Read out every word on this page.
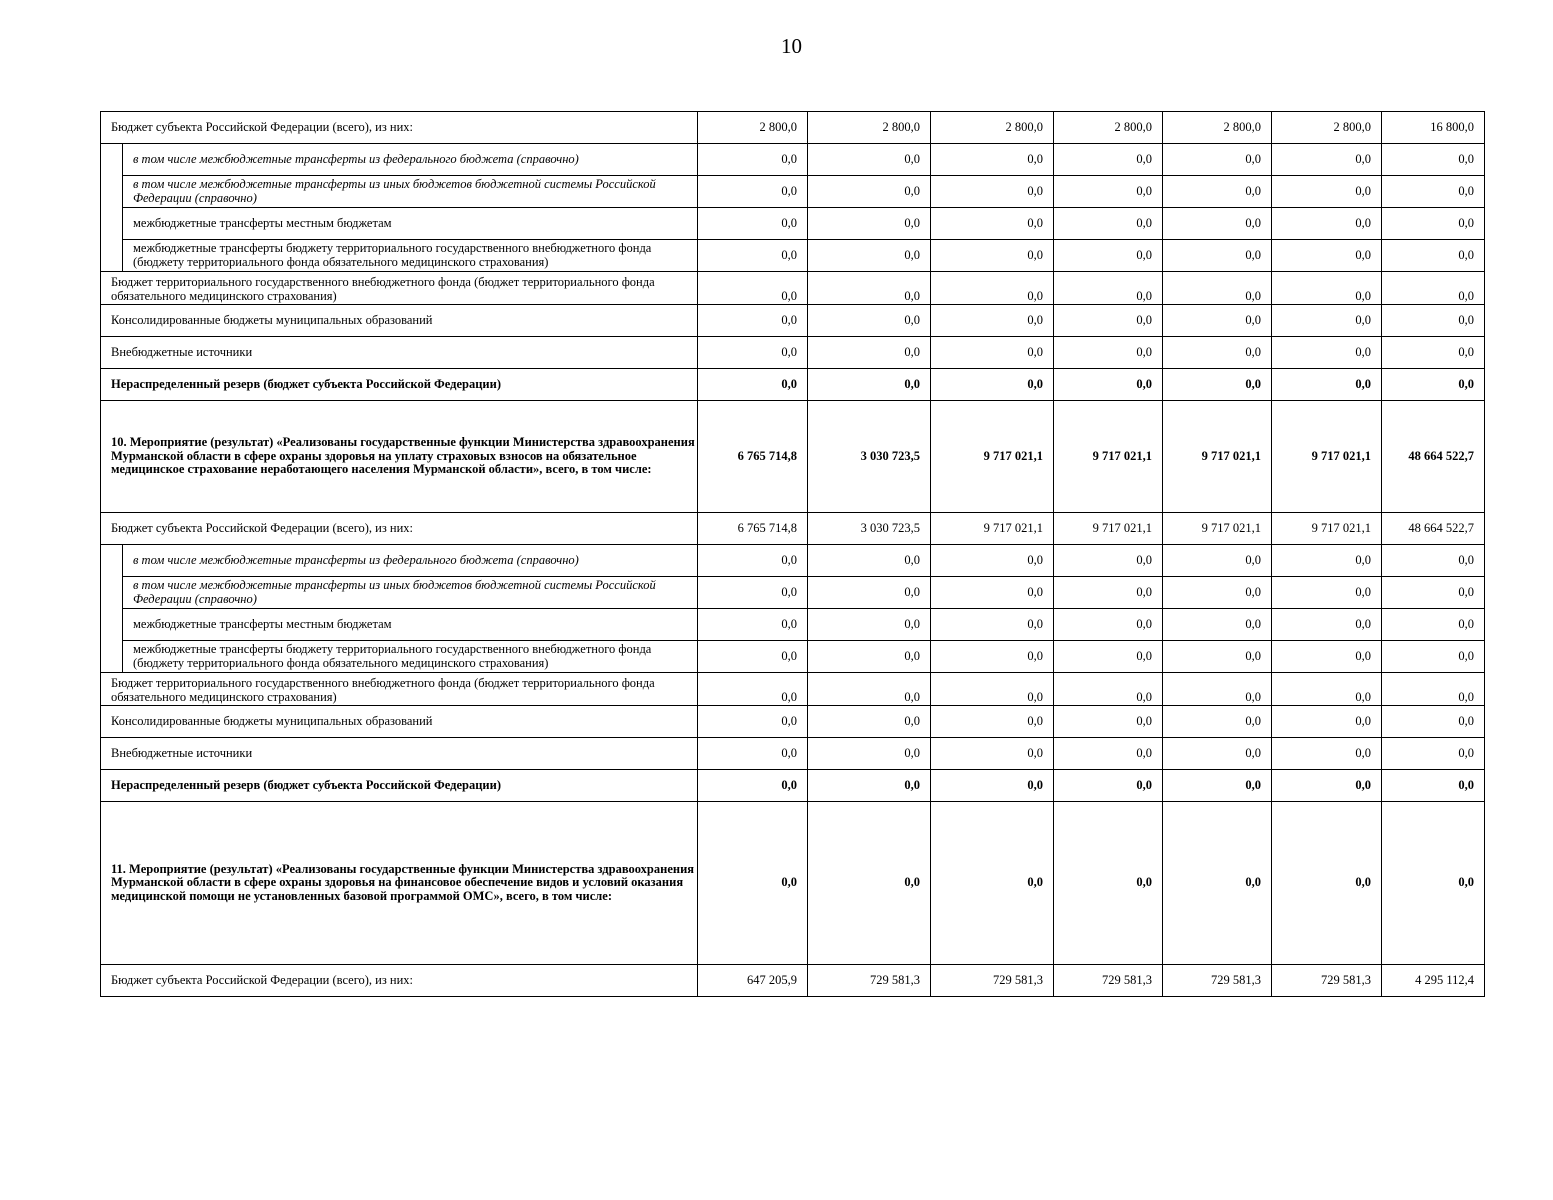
10
Бюджет субъекта Российской Федерации (всего), из них:		2 800,0	2 800,0	2 800,0	2 800,0	2 800,0	2 800,0	16 800,0
	в том числе межбюджетные трансферты из федерального бюджета (справочно)	0,0	0,0	0,0	0,0	0,0	0,0	0,0
	в том числе межбюджетные трансферты из иных бюджетов бюджетной системы Российской Федерации (справочно)	0,0	0,0	0,0	0,0	0,0	0,0	0,0
	межбюджетные трансферты местным бюджетам	0,0	0,0	0,0	0,0	0,0	0,0	0,0
	межбюджетные трансферты бюджету территориального государственного внебюджетного фонда (бюджету территориального фонда обязательного медицинского страхования)	0,0	0,0	0,0	0,0	0,0	0,0	0,0
Бюджет территориального государственного внебюджетного фонда (бюджет территориального фонда обязательного медицинского страхования)		0,0	0,0	0,0	0,0	0,0	0,0	0,0
Консолидированные бюджеты муниципальных образований		0,0	0,0	0,0	0,0	0,0	0,0	0,0
Внебюджетные источники		0,0	0,0	0,0	0,0	0,0	0,0	0,0
Нераспределенный резерв (бюджет субъекта Российской Федерации)		0,0	0,0	0,0	0,0	0,0	0,0	0,0
10. Мероприятие (результат) «Реализованы государственные функции Министерства здравоохранения Мурманской области в сфере охраны здоровья на уплату страховых взносов на обязательное медицинское страхование неработающего населения Мурманской области», всего, в том числе:		6 765 714,8	3 030 723,5	9 717 021,1	9 717 021,1	9 717 021,1	9 717 021,1	48 664 522,7
Бюджет субъекта Российской Федерации (всего), из них:		6 765 714,8	3 030 723,5	9 717 021,1	9 717 021,1	9 717 021,1	9 717 021,1	48 664 522,7
	в том числе межбюджетные трансферты из федерального бюджета (справочно)	0,0	0,0	0,0	0,0	0,0	0,0	0,0
	в том числе межбюджетные трансферты из иных бюджетов бюджетной системы Российской Федерации (справочно)	0,0	0,0	0,0	0,0	0,0	0,0	0,0
	межбюджетные трансферты местным бюджетам	0,0	0,0	0,0	0,0	0,0	0,0	0,0
	межбюджетные трансферты бюджету территориального государственного внебюджетного фонда (бюджету территориального фонда обязательного медицинского страхования)	0,0	0,0	0,0	0,0	0,0	0,0	0,0
Бюджет территориального государственного внебюджетного фонда (бюджет территориального фонда обязательного медицинского страхования)		0,0	0,0	0,0	0,0	0,0	0,0	0,0
Консолидированные бюджеты муниципальных образований		0,0	0,0	0,0	0,0	0,0	0,0	0,0
Внебюджетные источники		0,0	0,0	0,0	0,0	0,0	0,0	0,0
Нераспределенный резерв (бюджет субъекта Российской Федерации)		0,0	0,0	0,0	0,0	0,0	0,0	0,0
11. Мероприятие (результат) «Реализованы государственные функции Министерства здравоохранения Мурманской области в сфере охраны здоровья на финансовое обеспечение видов и условий оказания медицинской помощи не установленных базовой программой ОМС», всего, в том числе:		0,0	0,0	0,0	0,0	0,0	0,0	0,0
Бюджет субъекта Российской Федерации (всего), из них:		647 205,9	729 581,3	729 581,3	729 581,3	729 581,3	729 581,3	4 295 112,4
